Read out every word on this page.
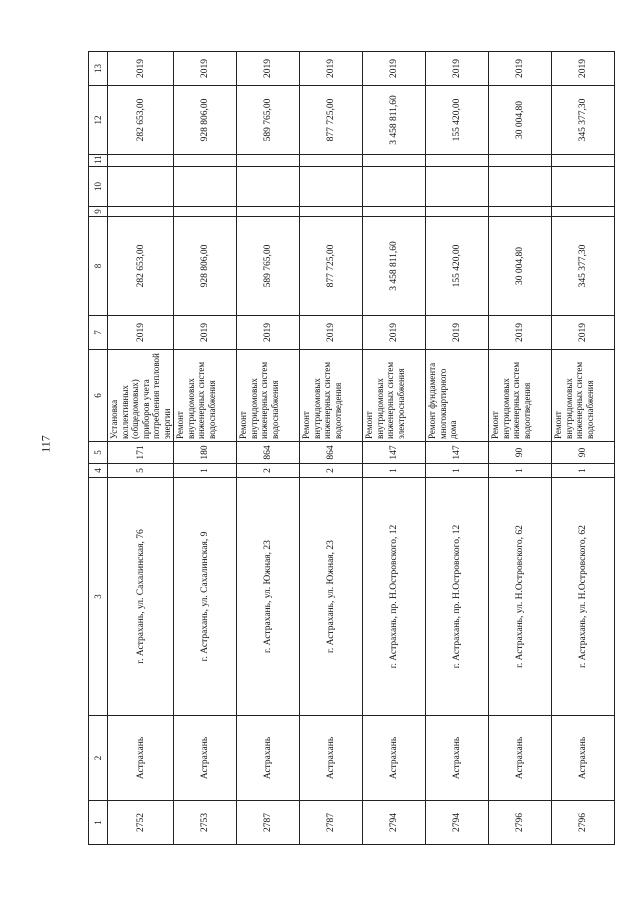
117
1	2	3	4	5	6	7	8	9	10	11	12	13
2752	Астрахань	г. Астрахань, ул. Сахалинская, 76	5	171	Установка коллективных (общедомовых) приборов учета потребления тепловой энергии	2019	282 653,00				282 653,00	2019
2753	Астрахань	г. Астрахань, ул. Сахалинская, 9	1	180	Ремонт внутридомовых инженерных систем водоснабжения	2019	928 806,00				928 806,00	2019
2787	Астрахань	г. Астрахань, ул. Южная, 23	2	864	Ремонт внутридомовых инженерных систем водоснабжения	2019	589 765,00				589 765,00	2019
2787	Астрахань	г. Астрахань, ул. Южная, 23	2	864	Ремонт внутридомовых инженерных систем водоотведения	2019	877 725,00				877 725,00	2019
2794	Астрахань	г. Астрахань, пр. Н.Островского, 12	1	147	Ремонт внутридомовых инженерных систем электроснабжения	2019	3 458 811,60				3 458 811,60	2019
2794	Астрахань	г. Астрахань, пр. Н.Островского, 12	1	147	Ремонт фундамента многоквартирного дома	2019	155 420,00				155 420,00	2019
2796	Астрахань	г. Астрахань, ул. Н.Островского, 62	1	90	Ремонт внутридомовых инженерных систем водоотведения	2019	30 004,80				30 004,80	2019
2796	Астрахань	г. Астрахань, ул. Н.Островского, 62	1	90	Ремонт внутридомовых инженерных систем водоснабжения	2019	345 377,30				345 377,30	2019
